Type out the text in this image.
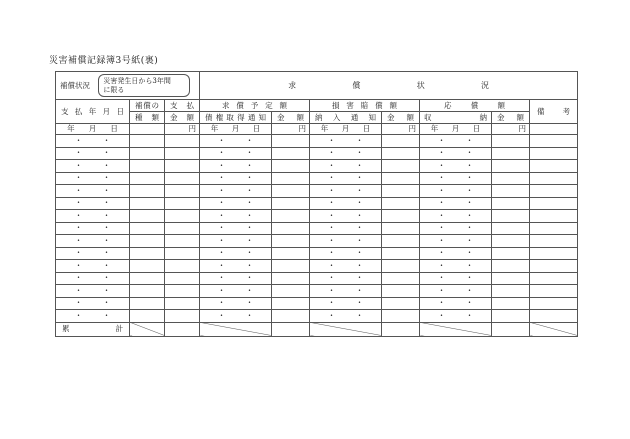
災害補償記録簿3号紙(裏)
補償状況 災害発生日から3年間
に限る			求 償 状 況						

支払年月日	補償の	支払	求償予定額		損害賠償額		応償額		備考
	種類	金額	債権取得通知	金額	納入通知	金額	収 納	金額	

年 月 日		円	年 月 日	円	年 月 日	円	年 月 日	円	

・ ・			・ ・		・ ・		・ ・		

・ ・			・ ・		・ ・		・ ・		

・ ・			・ ・		・ ・		・ ・		

・ ・			・ ・		・ ・		・ ・		

・ ・			・ ・		・ ・		・ ・		

・ ・			・ ・		・ ・		・ ・		

・ ・			・ ・		・ ・		・ ・		

・ ・			・ ・		・ ・		・ ・		

・ ・			・ ・		・ ・		・ ・		

・ ・			・ ・		・ ・		・ ・		

・ ・			・ ・		・ ・		・ ・		

・ ・			・ ・		・ ・		・ ・		

・ ・			・ ・		・ ・		・ ・		

・ ・			・ ・		・ ・		・ ・		

・ ・			・ ・		・ ・		・ ・		

累 計									
